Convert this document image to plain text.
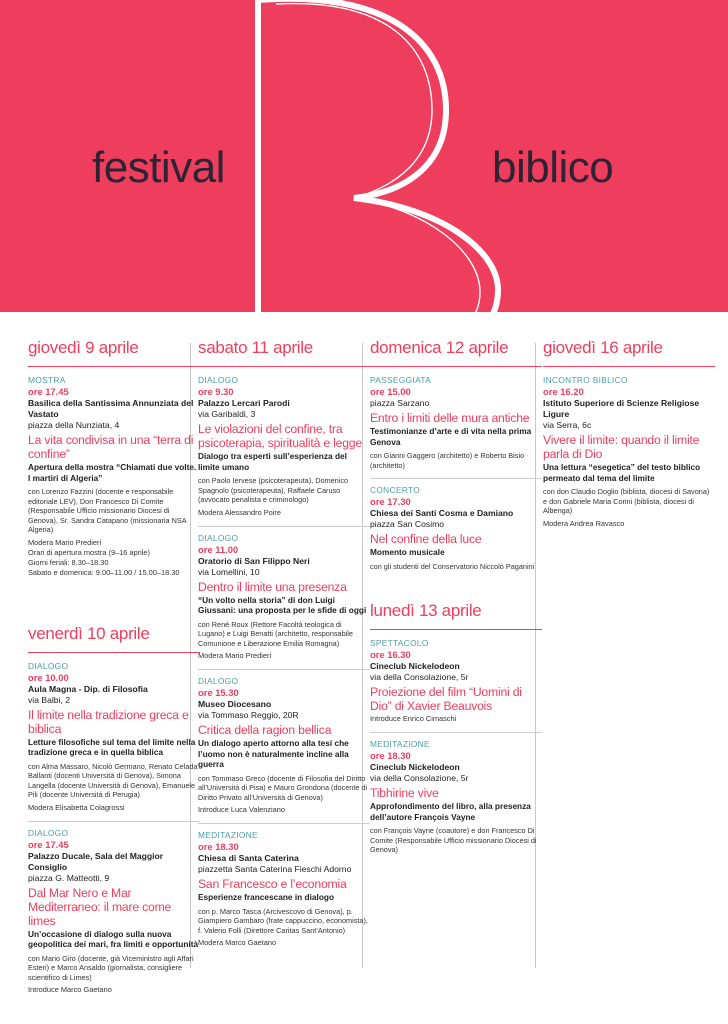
festival	biblico
giovedì 9 aprile
MOSTRA
ore 17.45
Basilica della Santissima Annunziata del Vastato
piazza della Nunziata, 4
La vita condivisa in una “terra di confine”
Apertura della mostra “Chiamati due volte. I martiri di Algeria”
con Lorenzo Fazzini (docente e responsabile editoriale LEV), Don Francesco Di Comite (Responsabile Ufficio missionario Diocesi di Genova), Sr. Sandra Catapano (missionaria NSA Algeria)
Modera Mario Predieri
Orari di apertura mostra (9–16 aprile)
Giorni feriali: 8.30–18.30
Sabato e domenica: 9.00–11.00 / 15.00–18.30
venerdì 10 aprile
DIALOGO
ore 10.00
Aula Magna - Dip. di Filosofia
via Balbi, 2
Il limite nella tradizione greca e biblica
Letture filosofiche sul tema del limite nella tradizione greca e in quella biblica
con Alma Massaro, Nicolò Germano, Renato Celada Ballanti (docenti Università di Genova), Simona Langella (docente Università di Genova), Emanuele Pili (docente Università di Perugia)
Modera Elisabetta Colagrossi
DIALOGO
ore 17.45
Palazzo Ducale, Sala del Maggior Consiglio
piazza G. Matteotti, 9
Dal Mar Nero e Mar Mediterraneo: il mare come limes
Un’occasione di dialogo sulla nuova geopolitica dei mari, fra limiti e opportunità
con Mario Giro (docente, già Viceministro agli Affari Esteri) e Marco Ansaldo (giornalista, consigliere scientifico di Limes)
Introduce Marco Gaetano
sabato 11 aprile
DIALOGO
ore 9.30
Palazzo Lercari Parodi
via Garibaldi, 3
Le violazioni del confine, tra psicoterapia, spiritualità e legge
Dialogo tra esperti sull’esperienza del limite umano
con Paolo Iervese (psicoterapeuta), Domenico Spagnolo (psicoterapeuta), Raffaele Caruso (avvocato penalista e criminologo)
Modera Alessandro Poire
DIALOGO
ore 11.00
Oratorio di San Filippo Neri
via Lomellini, 10
Dentro il limite una presenza
“Un volto nella storia” di don Luigi Giussani: una proposta per le sfide di oggi
con René Roux (Rettore Facoltà teologica di Lugano) e Luigi Benatti (architetto, responsabile Comunione e Liberazione Emilia Romagna)
Modera Mario Predieri
DIALOGO
ore 15.30
Museo Diocesano
via Tommaso Reggio, 20R
Critica della ragion bellica
Un dialogo aperto attorno alla tesi che l’uomo non è naturalmente incline alla guerra
con Tommaso Greco (docente di Filosofia del Diritto all’Università di Pisa) e Mauro Grondona (docente di Diritto Privato all’Università di Genova)
Introduce Luca Valenziano
MEDITAZIONE
ore 18.30
Chiesa di Santa Caterina
piazzetta Santa Caterina Fieschi Adorno
San Francesco e l’economia
Esperienze francescane in dialogo
con p. Marco Tasca (Arcivescovo di Genova), p. Giampiero Gambaro (frate cappuccino, economista), f. Valerio Folli (Direttore Caritas Sant’Antonio)
Modera Marco Gaetano
domenica 12 aprile
PASSEGGIATA
ore 15.00
piazza Sarzano
Entro i limiti delle mura antiche
Testimonianze d’arte e di vita nella prima Genova
con Gianni Gaggero (architetto) e Roberto Bisio (architetto)
CONCERTO
ore 17.30
Chiesa dei Santi Cosma e Damiano
piazza San Cosimo
Nel confine della luce
Momento musicale
con gli studenti del Conservatorio Niccolò Paganini
lunedì 13 aprile
SPETTACOLO
ore 16.30
Cineclub Nickelodeon
via della Consolazione, 5r
Proiezione del film “Uomini di Dio” di Xavier Beauvois
Introduce Enrico Cimaschi
MEDITAZIONE
ore 18.30
Cineclub Nickelodeon
via della Consolazione, 5r
Tibhirine vive
Approfondimento del libro, alla presenza dell’autore François Vayne
con François Vayne (coautore) e don Francesco Di Comite (Responsabile Ufficio missionario Diocesi di Genova)
giovedì 16 aprile
INCONTRO BIBLICO
ore 16.20
Istituto Superiore di Scienze Religiose Ligure
via Serra, 6c
Vivere il limite: quando il limite parla di Dio
Una lettura “esegetica” del testo biblico permeato dal tema del limite
con don Claudio Doglio (biblista, diocesi di Savona) e don Gabriele Maria Corini (biblista, diocesi di Albenga)
Modera Andrea Ravasco
